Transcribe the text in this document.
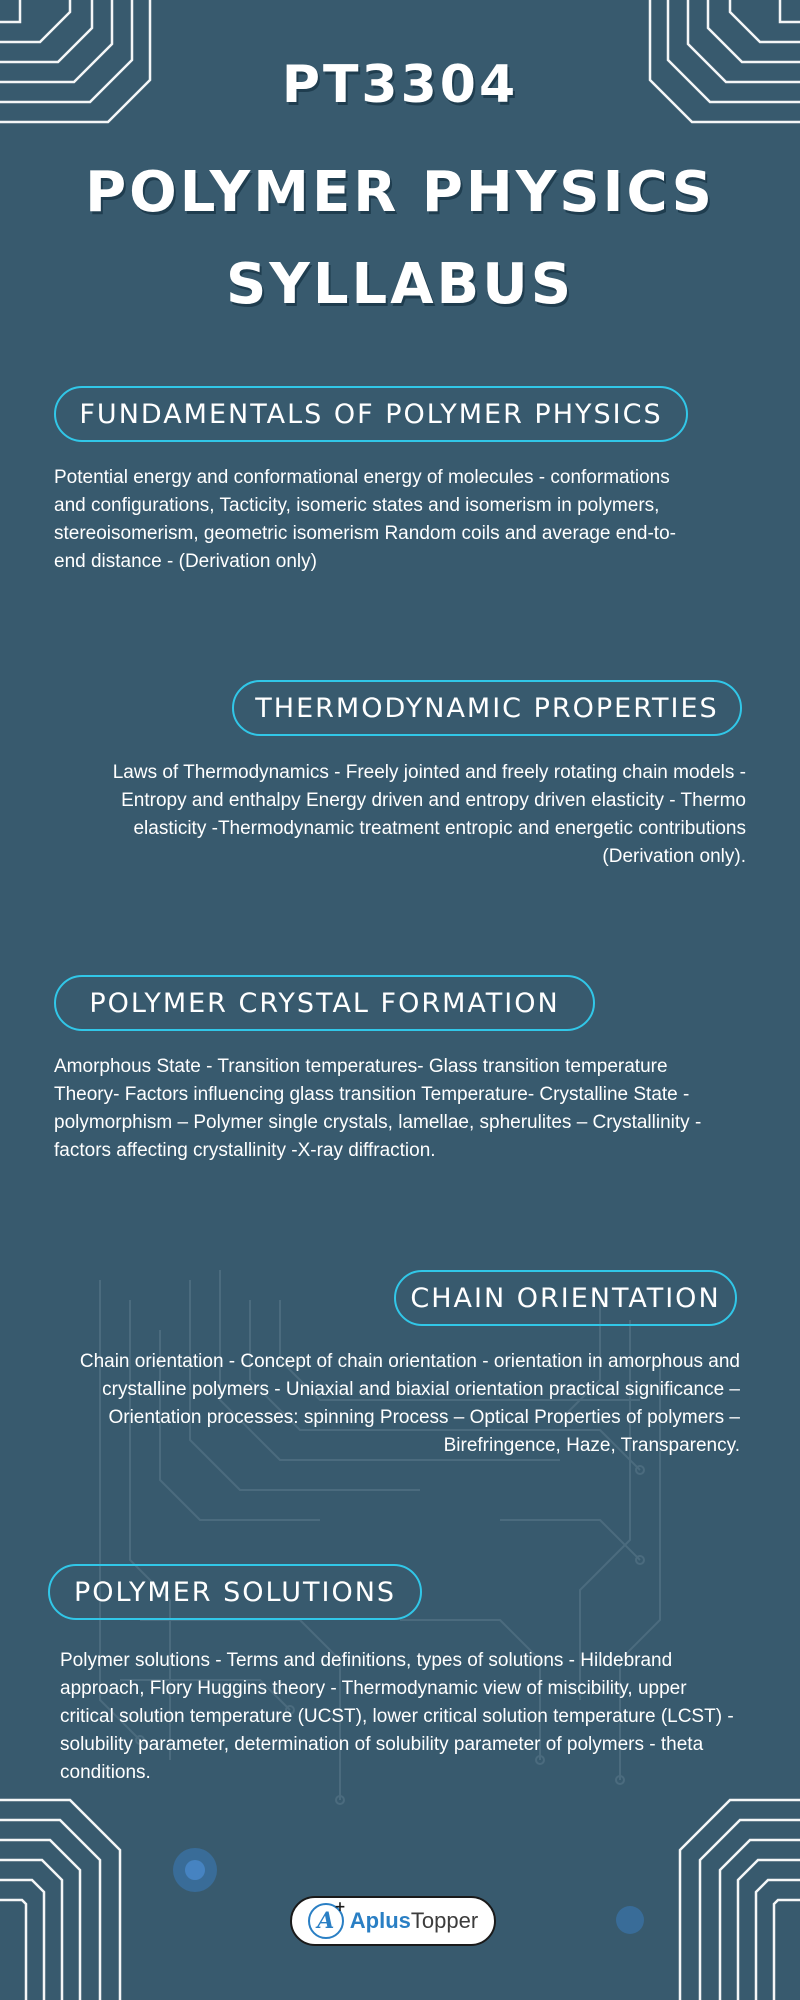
PT3304
POLYMER PHYSICS
SYLLABUS
FUNDAMENTALS OF POLYMER PHYSICS
Potential energy and conformational energy of molecules - conformations and configurations, Tacticity, isomeric states and isomerism in polymers, stereoisomerism, geometric isomerism Random coils and average end-to-end distance - (Derivation only)
THERMODYNAMIC PROPERTIES
Laws of Thermodynamics - Freely jointed and freely rotating chain models - Entropy and enthalpy Energy driven and entropy driven elasticity - Thermo elasticity -Thermodynamic treatment entropic and energetic contributions (Derivation only).
POLYMER CRYSTAL FORMATION
Amorphous State - Transition temperatures- Glass transition temperature Theory- Factors influencing glass transition Temperature- Crystalline State - polymorphism – Polymer single crystals, lamellae, spherulites – Crystallinity - factors affecting crystallinity -X-ray diffraction.
CHAIN ORIENTATION
Chain orientation - Concept of chain orientation - orientation in amorphous and crystalline polymers - Uniaxial and biaxial orientation practical significance – Orientation processes: spinning Process – Optical Properties of polymers – Birefringence, Haze, Transparency.
POLYMER SOLUTIONS
Polymer solutions - Terms and definitions, types of solutions - Hildebrand approach, Flory Huggins theory - Thermodynamic view of miscibility, upper critical solution temperature (UCST), lower critical solution temperature (LCST) - solubility parameter, determination of solubility parameter of polymers - theta conditions.
A
+
AplusTopper
